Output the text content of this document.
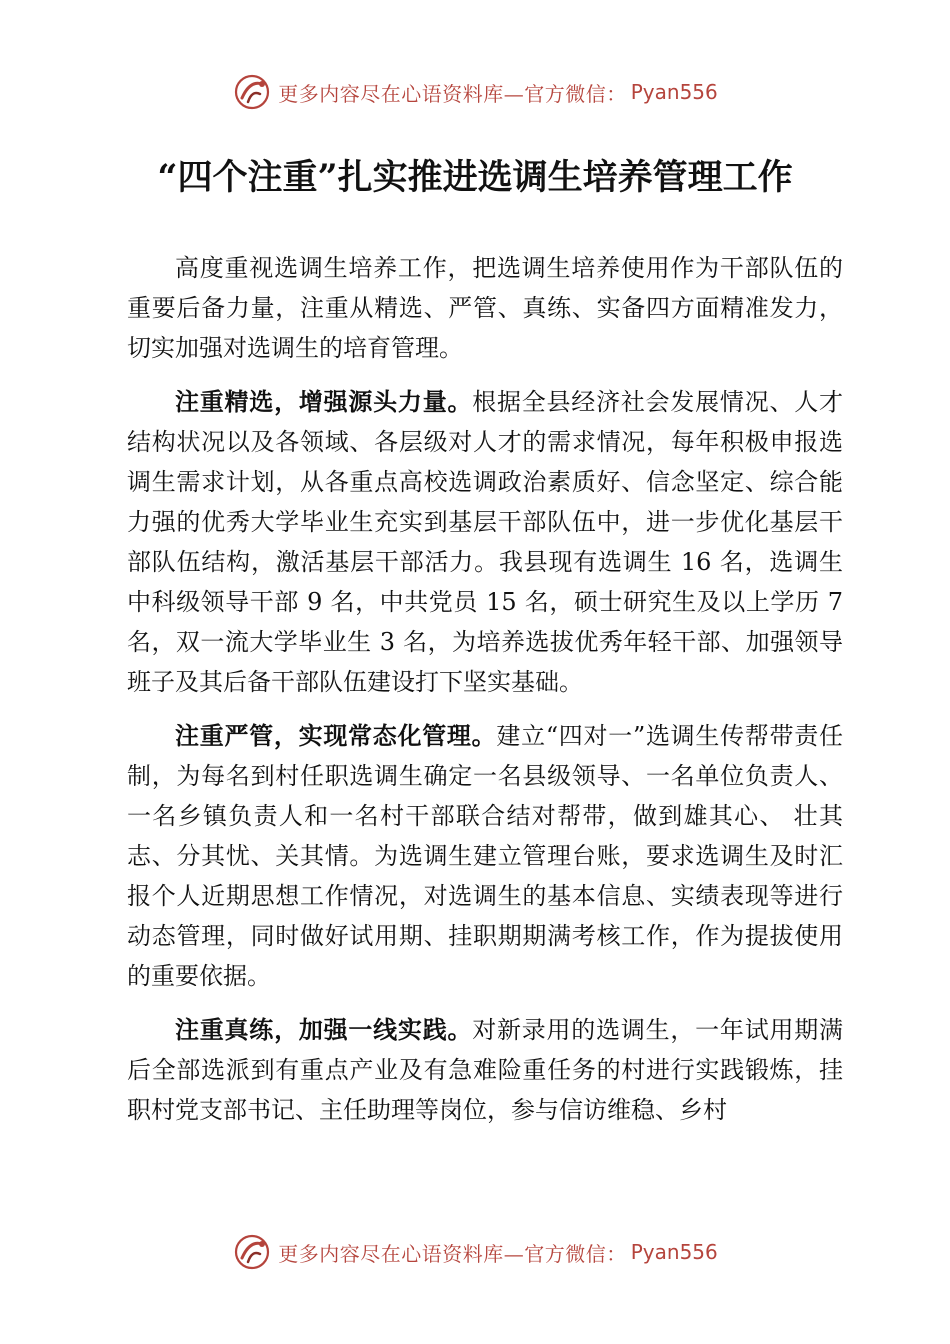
更多内容尽在心语资料库—官方微信： Pyan556
“四个注重”扎实推进选调生培养管理工作

高度重视选调生培养工作，把选调生培养使用作为干部队伍的重要后备力量，注重从精选、严管、真练、实备四方面精准发力，切实加强对选调生的培育管理。

注重精选，增强源头力量。根据全县经济社会发展情况、人才结构状况以及各领域、各层级对人才的需求情况，每年积极申报选调生需求计划，从各重点高校选调政治素质好、信念坚定、综合能力强的优秀大学毕业生充实到基层干部队伍中，进一步优化基层干部队伍结构，激活基层干部活力。我县现有选调生 16 名，选调生中科级领导干部 9 名，中共党员 15 名，硕士研究生及以上学历 7 名，双一流大学毕业生 3 名，为培养选拔优秀年轻干部、加强领导班子及其后备干部队伍建设打下坚实基础。

注重严管，实现常态化管理。建立“四对一”选调生传帮带责任制，为每名到村任职选调生确定一名县级领导、一名单位负责人、一名乡镇负责人和一名村干部联合结对帮带，做到雄其心、 壮其志、分其忧、关其情。为选调生建立管理台账，要求选调生及时汇报个人近期思想工作情况，对选调生的基本信息、实绩表现等进行动态管理，同时做好试用期、挂职期期满考核工作，作为提拔使用的重要依据。

注重真练，加强一线实践。对新录用的选调生，一年试用期满后全部选派到有重点产业及有急难险重任务的村进行实践锻炼，挂职村党支部书记、主任助理等岗位，参与信访维稳、乡村

更多内容尽在心语资料库—官方微信： Pyan556
